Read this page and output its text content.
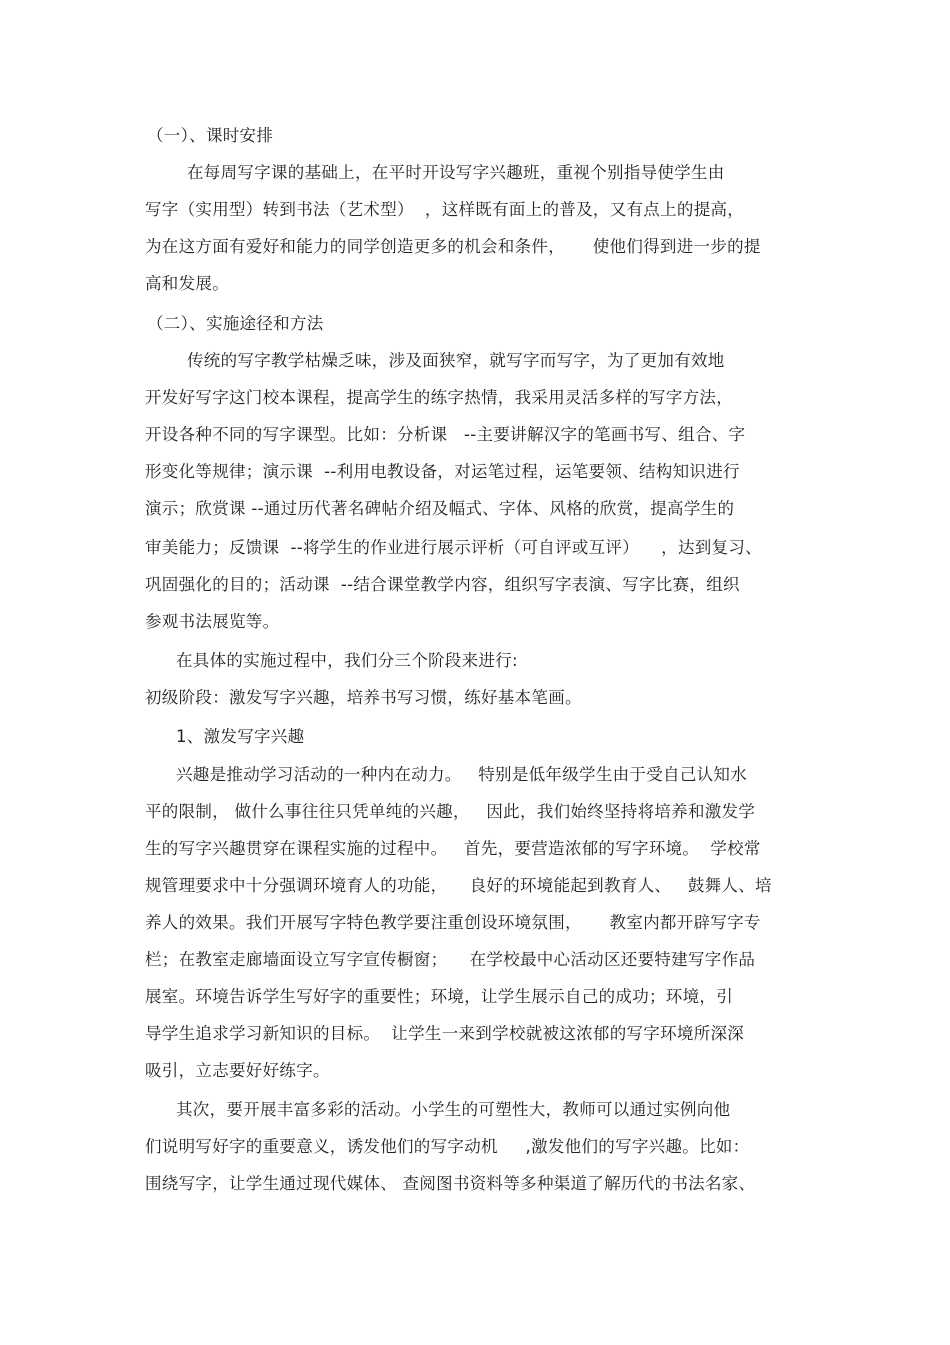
（一）、课时安排
在每周写字课的基础上，在平时开设写字兴趣班，重视个别指导使学生由
写字（实用型）转到书法（艺术型）  ，这样既有面上的普及，又有点上的提高，
为在这方面有爱好和能力的同学创造更多的机会和条件，     使他们得到进一步的提
高和发展。
（二）、实施途径和方法
传统的写字教学枯燥乏味，涉及面狭窄，就写字而写字，为了更加有效地
开发好写字这门校本课程，提高学生的练字热情，我采用灵活多样的写字方法，
开设各种不同的写字课型。比如：分析课   --主要讲解汉字的笔画书写、组合、字
形变化等规律；演示课  --利用电教设备，对运笔过程，运笔要领、结构知识进行
演示；欣赏课 --通过历代著名碑帖介绍及幅式、字体、风格的欣赏，提高学生的
审美能力；反馈课  --将学生的作业进行展示评析（可自评或互评）    ，达到复习、
巩固强化的目的；活动课  --结合课堂教学内容，组织写字表演、写字比赛，组织
参观书法展览等。
在具体的实施过程中，我们分三个阶段来进行:
初级阶段：激发写字兴趣，培养书写习惯，练好基本笔画。
1、激发写字兴趣
兴趣是推动学习活动的一种内在动力。   特别是低年级学生由于受自己认知水
平的限制， 做什么事往往只凭单纯的兴趣，   因此，我们始终坚持将培养和激发学
生的写字兴趣贯穿在课程实施的过程中。   首先，要营造浓郁的写字环境。  学校常
规管理要求中十分强调环境育人的功能，    良好的环境能起到教育人、   鼓舞人、培
养人的效果。我们开展写字特色教学要注重创设环境氛围，     教室内都开辟写字专
栏；在教室走廊墙面设立写字宣传橱窗；    在学校最中心活动区还要特建写字作品
展室。环境告诉学生写好字的重要性；环境，让学生展示自己的成功；环境，引
导学生追求学习新知识的目标。  让学生一来到学校就被这浓郁的写字环境所深深
吸引，立志要好好练字。
其次，要开展丰富多彩的活动。小学生的可塑性大，教师可以通过实例向他
们说明写好字的重要意义，诱发他们的写字动机     ,激发他们的写字兴趣。比如：
围绕写字，让学生通过现代媒体、 查阅图书资料等多种渠道了解历代的书法名家、
